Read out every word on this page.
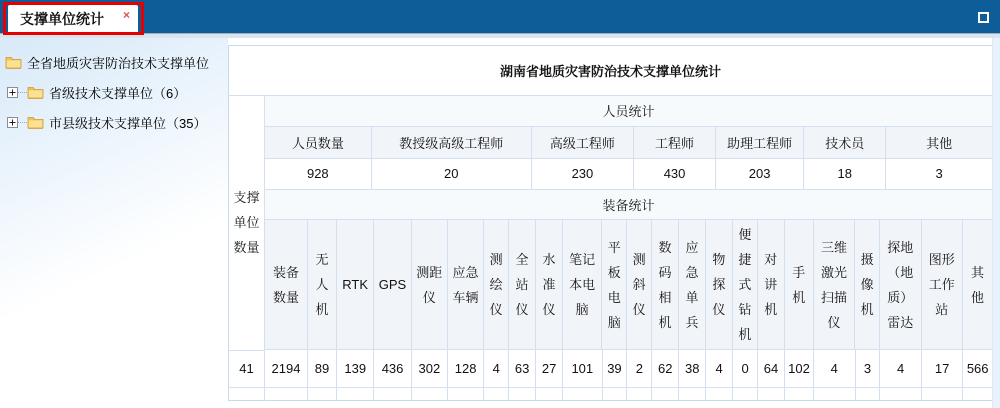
支撑单位统计	×
全省地质灾害防治技术支撑单位
省级技术支撑单位（6）
市县级技术支撑单位（35）
湖南省地质灾害防治技术支撑单位统计
支撑单位数量	
人员统计
人员数量	教授级高级工程师	高级工程师	工程师	助理工程师	技术员	其他
928	20	230	430	203	18	3
装备统计
装备数量	无人机	RTK	GPS	测距仪	应急车辆	测绘仪	全站仪	水准仪	笔记本电脑	平板电脑	测斜仪	数码相机	应急单兵	物探仪	便捷式钻机	对讲机	手机	三维激光扫描仪	摄像机	探地（地质）雷达	图形工作站	其他

41	2194	89	139	436	302	128	4	63	27	101	39	2	62	38	4	0	64	102	4	3	4	17	566
